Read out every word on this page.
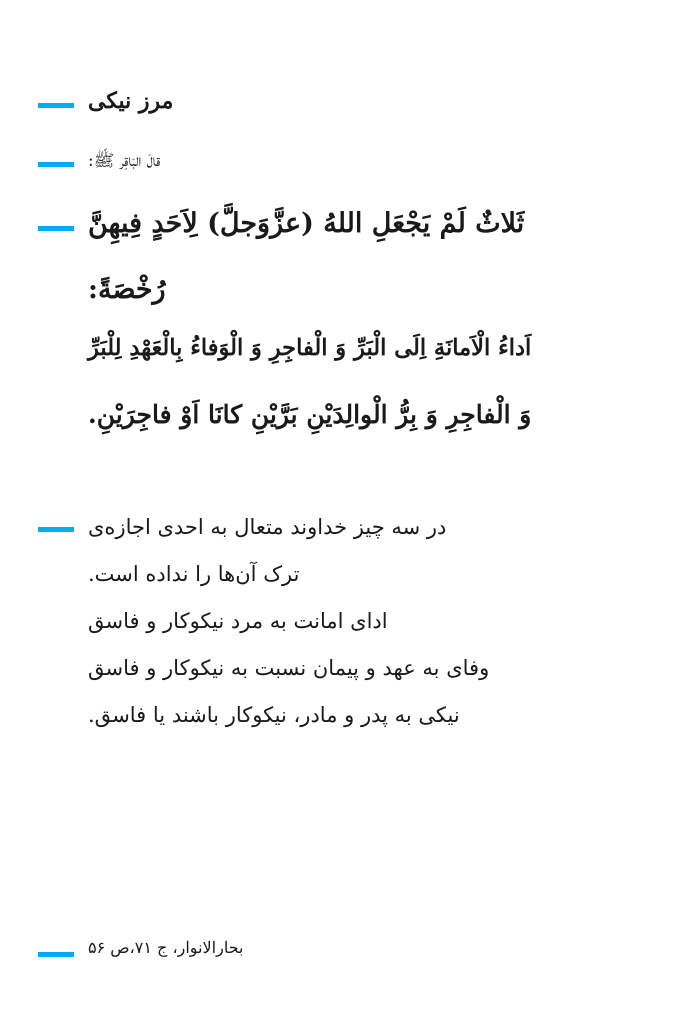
مرز نیکی
قالَ البَاقِر ﷺ:
ثَلاثٌ لَمْ يَجْعَلِ اللهُ (عزَّوَجلَّ) لِاَحَدٍ فِيهِنَّ
رُخْصَةً:
اَداءُ الْاَمانَةِ اِلَى الْبَرِّ وَ الْفاجِرِ وَ الْوَفاءُ بِالْعَهْدِ لِلْبَرِّ
وَ الْفاجِرِ وَ بِرُّ الْوالِدَيْنِ بَرَّيْنِ كانَا اَوْ فاجِرَيْنِ.
در سه چیز خداوند متعال به احدی اجازه‌ی
ترک آن‌ها را نداده است.
ادای امانت به مرد نیکوکار و فاسق
وفای به عهد و پیمان نسبت به نیکوکار و فاسق
نیکی به پدر و مادر، نیکوکار باشند یا فاسق.
بحارالانوار، ج ۷۱،ص ۵۶
